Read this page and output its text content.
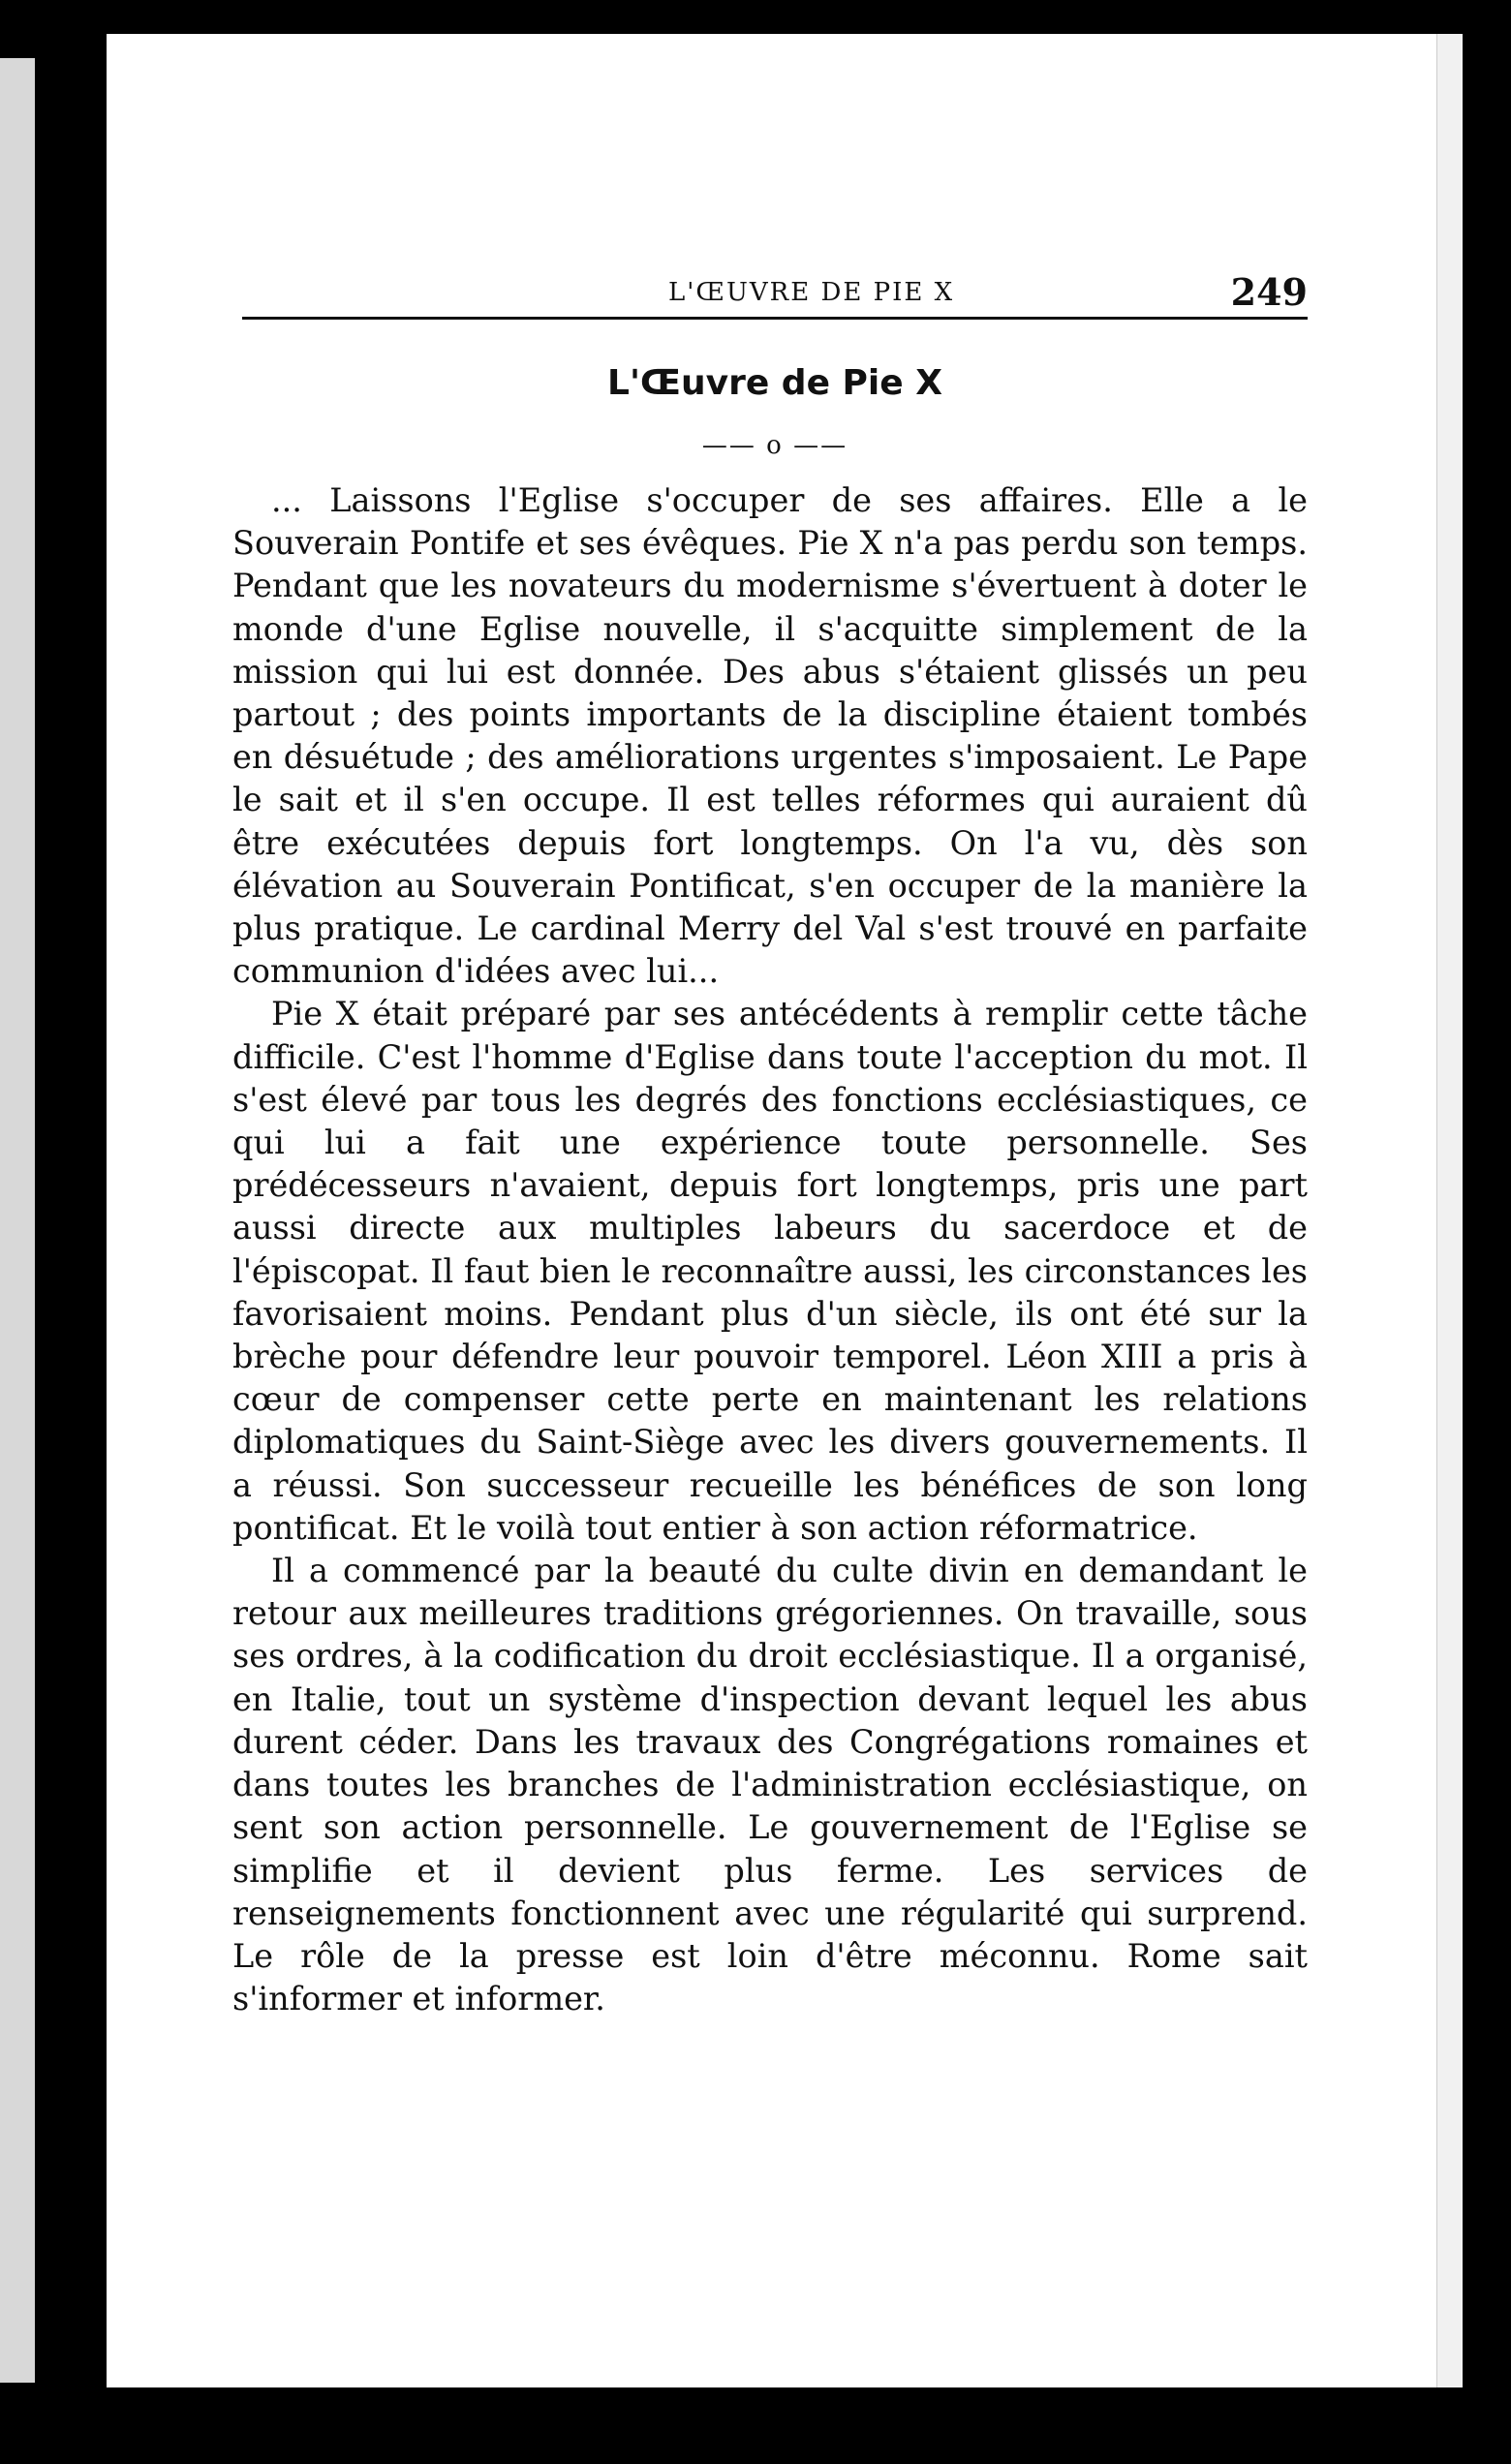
L'ŒUVRE DE PIE X	249
L'Œuvre de Pie X
—— o ——

... Laissons l'Eglise s'occuper de ses affaires. Elle a le Souverain Pontife et ses évêques. Pie X n'a pas perdu son temps. Pendant que les novateurs du modernisme s'évertuent à doter le monde d'une Eglise nouvelle, il s'acquitte simplement de la mission qui lui est donnée. Des abus s'étaient glissés un peu partout ; des points importants de la discipline étaient tombés en désuétude ; des améliorations urgentes s'imposaient. Le Pape le sait et il s'en occupe. Il est telles réformes qui auraient dû être exécutées depuis fort longtemps. On l'a vu, dès son élévation au Souverain Pontificat, s'en occuper de la manière la plus pratique. Le cardinal Merry del Val s'est trouvé en parfaite communion d'idées avec lui...

Pie X était préparé par ses antécédents à remplir cette tâche difficile. C'est l'homme d'Eglise dans toute l'acception du mot. Il s'est élevé par tous les degrés des fonctions ecclésiastiques, ce qui lui a fait une expérience toute personnelle. Ses prédécesseurs n'avaient, depuis fort longtemps, pris une part aussi directe aux multiples labeurs du sacerdoce et de l'épiscopat. Il faut bien le reconnaître aussi, les circonstances les favorisaient moins. Pendant plus d'un siècle, ils ont été sur la brèche pour défendre leur pouvoir temporel. Léon XIII a pris à cœur de compenser cette perte en maintenant les relations diplomatiques du Saint-Siège avec les divers gouvernements. Il a réussi. Son successeur recueille les bénéfices de son long pontificat. Et le voilà tout entier à son action réformatrice.

Il a commencé par la beauté du culte divin en demandant le retour aux meilleures traditions grégoriennes. On travaille, sous ses ordres, à la codification du droit ecclésiastique. Il a organisé, en Italie, tout un système d'inspection devant lequel les abus durent céder. Dans les travaux des Congrégations romaines et dans toutes les branches de l'administration ecclésiastique, on sent son action personnelle. Le gouvernement de l'Eglise se simplifie et il devient plus ferme. Les services de renseignements fonctionnent avec une régularité qui surprend. Le rôle de la presse est loin d'être méconnu. Rome sait s'informer et informer.
